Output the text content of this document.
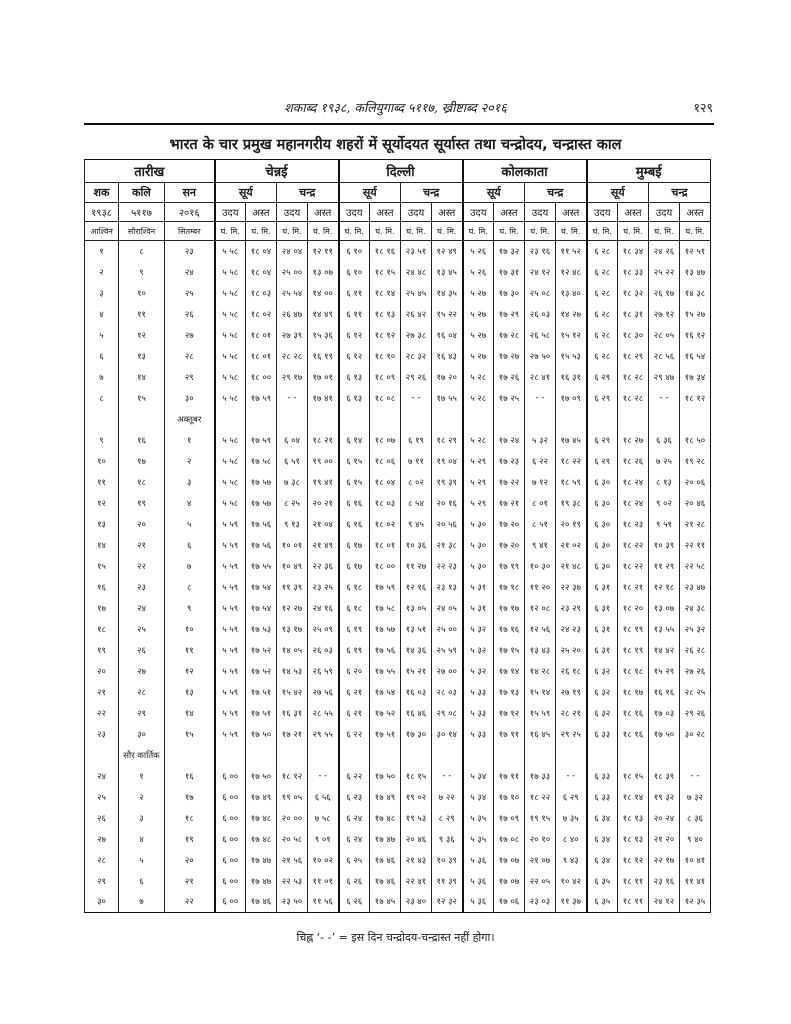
शकाब्द १९३८, कलियुगाब्द ५११७, ख्रीष्टाब्द २०१६	१२९
भारत के चार प्रमुख महानगरीय शहरों में सूर्योदयत सूर्यास्त तथा चन्द्रोदय, चन्द्रास्त काल
तारीख			चेन्नई				दिल्ली				कोलकाता				मुम्बई			
शक	कलि	सन	सूर्य		चन्द्र		सूर्य		चन्द्र		सूर्य		चन्द्र		सूर्य		चन्द्र	
१९३८	५११७	२०१६	उदय	अस्त	उदय	अस्त	उदय	अस्त	उदय	अस्त	उदय	अस्त	उदय	अस्त	उदय	अस्त	उदय	अस्त
आश्विन	सौराश्विन	सितम्बर	घं. मि.	घं. मि.	घं. मि.	घं. मि.	घं. मि.	घं. मि.	घं. मि.	घं. मि.	घं. मि.	घं. मि.	घं. मि.	घं. मि.	घं. मि.	घं. मि.	घं. मि.	घं. मि.
१	८	२३	५ ५८	१८ ०४	२४ ०४	१२ ११	६ १०	१८ १६	२३ ५१	१२ ४९	५ २६	१७ ३२	२३ १६	११ ५२	६ २८	१८ ३४	२४ २६	१२ ५१
२	९	२४	५ ५८	१८ ०४	२५ ००	१३ ०७	६ १०	१८ १५	२४ ४८	१३ ४५	५ २६	१७ ३१	२४ १२	१२ ४८	६ २८	१८ ३३	२५ २२	१३ ४७
३	१०	२५	५ ५८	१८ ०३	२५ ५४	१४ ००	६ ११	१८ १४	२५ ४५	१४ ३५	५ २७	१७ ३०	२५ ०८	१३ ४०	६ २८	१८ ३२	२६ १७	१४ ३८
४	११	२६	५ ५८	१८ ०२	२६ ४७	१४ ४९	६ ११	१८ १३	२६ ४२	१५ २२	५ २७	१७ २९	२६ ०३	१४ २७	६ २८	१८ ३१	२७ १२	१५ २७
५	१२	२७	५ ५८	१८ ०१	२७ ३९	१५ ३६	६ १२	१८ १२	२७ ३८	१६ ०४	५ २७	१७ २८	२६ ५८	१५ १२	६ २८	१८ ३०	२८ ०५	१६ १२
६	१३	२८	५ ५८	१८ ०१	२८ २८	१६ १९	६ १२	१८ १०	२८ ३२	१६ ४३	५ २७	१७ २७	२७ ५०	१५ ५३	६ २८	१८ २९	२८ ५६	१६ ५४
७	१४	२९	५ ५८	१८ ००	२९ १७	१७ ०१	६ १३	१८ ०९	२९ २६	१७ २०	५ २८	१७ २६	२८ ४१	१६ ३१	६ २९	१८ २८	२९ ४७	१७ ३४
८	१५	३०	५ ५८	१७ ५९	- -	१७ ४१	६ १३	१८ ०८	- -	१७ ५५	५ २८	१७ २५	- -	१७ ०९	६ २९	१८ २८	- -	१८ १२
		अक्तूबर																
९	१६	१	५ ५८	१७ ५९	६ ०४	१८ २१	६ १४	१८ ०७	६ १९	१८ २९	५ २८	१७ २४	५ ३२	१७ ४५	६ २९	१८ २७	६ ३६	१८ ५०
१०	१७	२	५ ५८	१७ ५८	६ ५१	१९ ००	६ १५	१८ ०६	७ ११	१९ ०४	५ २९	१७ २३	६ २२	१८ २२	६ २९	१८ २६	७ २५	१९ २८
११	१८	३	५ ५८	१७ ५७	७ ३८	१९ ४१	६ १५	१८ ०४	८ ०२	१९ ३९	५ २९	१७ २२	७ १२	१८ ५९	६ ३०	१८ २४	८ १३	२० ०६
१२	१९	४	५ ५८	१७ ५७	८ २५	२० २१	६ १६	१८ ०३	८ ५४	२० १६	५ २९	१७ २१	८ ०१	१९ ३८	६ ३०	१८ २४	९ ०२	२० ४६
१३	२०	५	५ ५९	१७ ५६	९ १३	२१ ०४	६ १६	१८ ०२	९ ४५	२० ५६	५ ३०	१७ २०	८ ५१	२० १९	६ ३०	१८ २३	९ ५१	२१ २८
१४	२१	६	५ ५९	१७ ५६	१० ०१	२१ ४९	६ १७	१८ ०१	१० ३६	२१ ३८	५ ३०	१७ २०	९ ४१	२१ ०२	६ ३०	१८ २२	१० ३९	२२ ११
१५	२२	७	५ ५९	१७ ५५	१० ४९	२२ ३६	६ १७	१८ ००	११ २७	२२ २३	५ ३०	१७ १९	१० ३०	२१ ४८	६ ३०	१८ २२	११ २९	२२ ५८
१६	२३	८	५ ५९	१७ ५४	११ ३९	२३ २५	६ १८	१७ ५९	१२ १६	२३ १३	५ ३१	१७ १८	११ २०	२२ ३७	६ ३१	१८ २१	१२ १८	२३ ४७
१७	२४	९	५ ५९	१७ ५४	१२ २७	२४ १६	६ १८	१७ ५८	१३ ०५	२४ ०५	५ ३१	१७ १७	१२ ०८	२३ २९	६ ३१	१८ २०	१३ ०७	२४ ३८
१८	२५	१०	५ ५९	१७ ५३	१३ १७	२५ ०९	६ १९	१७ ५७	१३ ५१	२५ ००	५ ३२	१७ १६	१२ ५६	२४ २३	६ ३१	१८ १९	१३ ५५	२५ ३२
१९	२६	११	५ ५९	१७ ५२	१४ ०५	२६ ०३	६ १९	१७ ५६	१४ ३६	२५ ५९	५ ३२	१७ १५	१३ ४३	२५ २०	६ ३१	१८ १९	१४ ४२	२६ २८
२०	२७	१२	५ ५९	१७ ५२	१४ ५३	२६ ५९	६ २०	१७ ५५	१५ २१	२७ ००	५ ३२	१७ १४	१४ २८	२६ १८	६ ३२	१८ १८	१५ २९	२७ २६
२१	२८	१३	५ ५९	१७ ५१	१५ ४२	२७ ५६	६ २१	१७ ५४	१६ ०३	२८ ०३	५ ३३	१७ १३	१५ १४	२७ १९	६ ३२	१८ १७	१६ १६	२८ २५
२२	२९	१४	५ ५९	१७ ५१	१६ ३१	२८ ५५	६ २१	१७ ५२	१६ ४६	२९ ०८	५ ३३	१७ १२	१५ ५९	२८ २१	६ ३२	१८ १६	१७ ०३	२९ २६
२३	३०	१५	५ ५९	१७ ५०	१७ २१	२९ ५५	६ २२	१७ ५१	१७ ३०	३० १४	५ ३३	१७ ११	१६ ४५	२९ २५	६ ३३	१८ १६	१७ ५०	३० २८
	सौर कार्तिक																	
२४	१	१६	६ ००	१७ ५०	१८ १२	- -	६ २२	१७ ५०	१८ १५	- -	५ ३४	१७ ११	१७ ३३	- -	६ ३३	१८ १५	१८ ३९	- -
२५	२	१७	६ ००	१७ ४९	१९ ०५	६ ५६	६ २३	१७ ४९	१९ ०२	७ २२	५ ३४	१७ १०	१८ २२	६ २९	६ ३३	१८ १४	१९ ३२	७ ३२
२६	३	१८	६ ००	१७ ४८	२० ००	७ ५८	६ २४	१७ ४८	१९ ५३	८ २९	५ ३५	१७ ०९	१९ १५	७ ३५	६ ३४	१८ १३	२० २४	८ ३६
२७	४	१९	६ ००	१७ ४८	२० ५८	९ ०१	६ २४	१७ ४७	२० ४६	९ ३६	५ ३५	१७ ०८	२० १०	८ ४०	६ ३४	१८ १३	२१ २०	९ ४०
२८	५	२०	६ ००	१७ ४७	२१ ५६	१० ०२	६ २५	१७ ४६	२१ ४३	१० ३९	५ ३६	१७ ०७	२१ ०७	९ ४३	६ ३४	१८ १२	२२ १७	१० ४१
२९	६	२१	६ ००	१७ ४७	२२ ५३	११ ०१	६ २६	१७ ४६	२२ ४१	११ ३९	५ ३६	१७ ०७	२२ ०५	१० ४२	६ ३५	१८ ११	२३ १६	११ ४१
३०	७	२२	६ ००	१७ ४६	२३ ५०	११ ५६	६ २६	१७ ४५	२३ ४०	१२ ३२	५ ३६	१७ ०६	२३ ०३	११ ३७	६ ३५	१८ ११	२४ १२	१२ ३५
चिह्न ‘- -’ = इस दिन चन्द्रोदय-चन्द्रास्त नहीं होगा।
